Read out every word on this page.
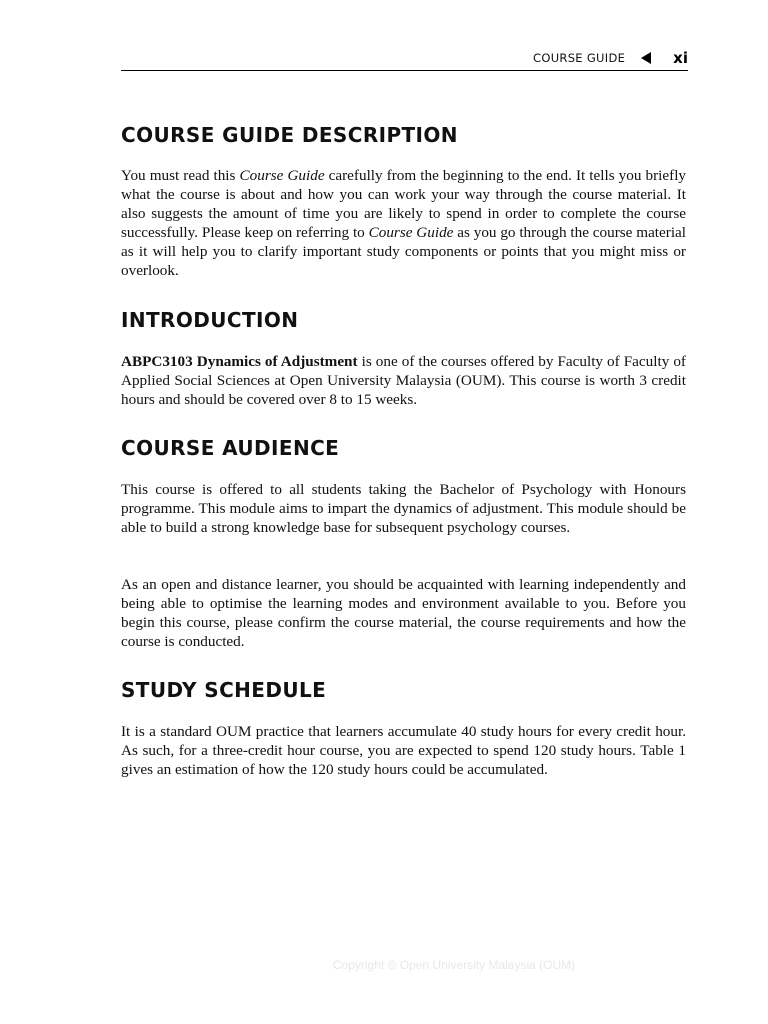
COURSE GUIDE	xi
COURSE GUIDE DESCRIPTION

You must read this Course Guide carefully from the beginning to the end. It tells you briefly what the course is about and how you can work your way through the course material. It also suggests the amount of time you are likely to spend in order to complete the course successfully. Please keep on referring to Course Guide as you go through the course material as it will help you to clarify important study components or points that you might miss or overlook.

INTRODUCTION

ABPC3103 Dynamics of Adjustment is one of the courses offered by Faculty of Faculty of Applied Social Sciences at Open University Malaysia (OUM). This course is worth 3 credit hours and should be covered over 8 to 15 weeks.

COURSE AUDIENCE

This course is offered to all students taking the Bachelor of Psychology with Honours programme. This module aims to impart the dynamics of adjustment. This module should be able to build a strong knowledge base for subsequent psychology courses.

As an open and distance learner, you should be acquainted with learning independently and being able to optimise the learning modes and environment available to you. Before you begin this course, please confirm the course material, the course requirements and how the course is conducted.

STUDY SCHEDULE

It is a standard OUM practice that learners accumulate 40 study hours for every credit hour. As such, for a three-credit hour course, you are expected to spend 120 study hours. Table 1 gives an estimation of how the 120 study hours could be accumulated.

Copyright © Open University Malaysia (OUM)
